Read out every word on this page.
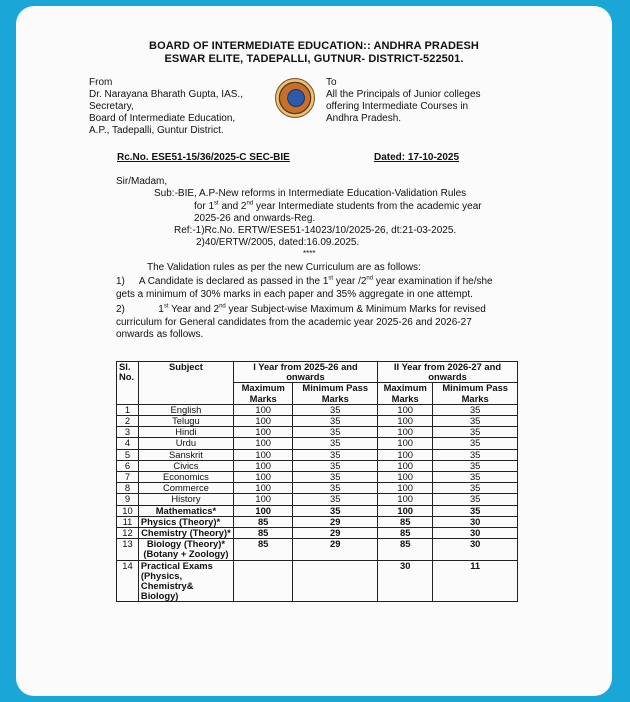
BOARD OF INTERMEDIATE EDUCATION:: ANDHRA PRADESH
ESWAR ELITE, TADEPALLI, GUTNUR- DISTRICT-522501.
From
Dr. Narayana Bharath Gupta, IAS.,
Secretary,
Board of Intermediate Education,
A.P., Tadepalli, Guntur District.
To
All the Principals of Junior colleges
offering Intermediate Courses in
Andhra Pradesh.
Rc.No. ESE51-15/36/2025-C SEC-BIE	Dated: 17-10-2025
Sir/Madam,
Sub:-BIE, A.P-New reforms in Intermediate Education-Validation Rules
for 1st and 2nd year Intermediate students from the academic year
2025-26 and onwards-Reg.
Ref:-1)Rc.No. ERTW/ESE51-14023/10/2025-26, dt:21-03-2025.
2)40/ERTW/2005, dated:16.09.2025.
****
The Validation rules as per the new Curriculum are as follows:
1) A Candidate is declared as passed in the 1st year /2nd year examination if he/she
gets a minimum of 30% marks in each paper and 35% aggregate in one attempt.
2)	1st Year and 2nd year Subject-wise Maximum & Minimum Marks for revised
curriculum for General candidates from the academic year 2025-26 and 2026-27
onwards as follows.
Sl. No.	Subject	I Year from 2025-26 and onwards		II Year from 2026-27 and onwards	
		Maximum Marks	Minimum Pass Marks	Maximum Marks	Minimum Pass Marks
1	English	100	35	100	35
2	Telugu	100	35	100	35
3	Hindi	100	35	100	35
4	Urdu	100	35	100	35
5	Sanskrit	100	35	100	35
6	Civics	100	35	100	35
7	Economics	100	35	100	35
8	Commerce	100	35	100	35
9	History	100	35	100	35
10	Mathematics*	100	35	100	35
11	Physics (Theory)*	85	29	85	30
12	Chemistry (Theory)*	85	29	85	30
13	Biology (Theory)* (Botany + Zoology)	85	29	85	30
14	Practical Exams (Physics, Chemistry& Biology)			30	11
